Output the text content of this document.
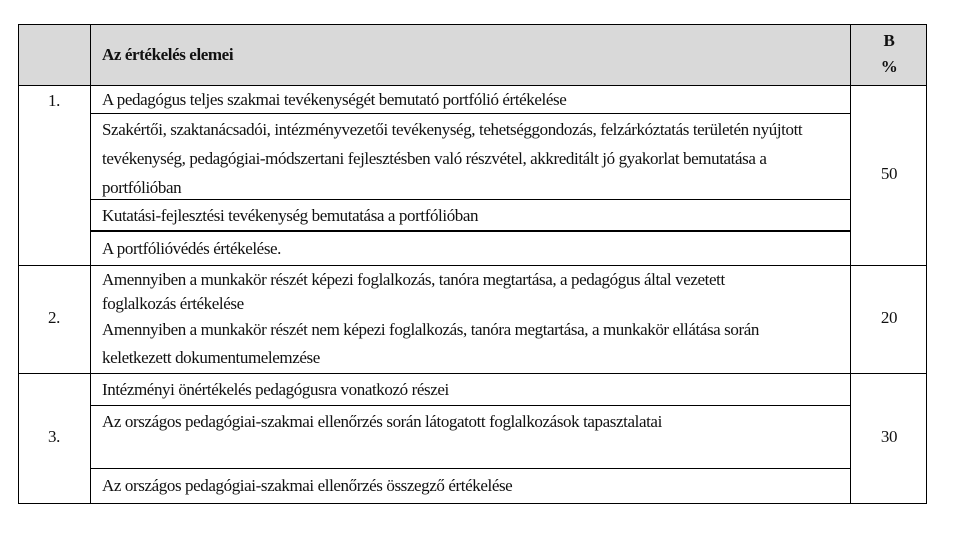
Az értékelés elemei
B
%
1.	A pedagógus teljes szakmai tevékenységét bemutató portfólió értékelése
Szakértői, szaktanácsadói, intézményvezetői tevékenység, tehetséggondozás, felzárkóztatás területén nyújtott tevékenység, pedagógiai-módszertani fejlesztésben való részvétel, akkreditált jó gyakorlat bemutatása a portfólióban
Kutatási-fejlesztési tevékenység bemutatása a portfólióban
A portfólióvédés értékelése.
50
2.
Amennyiben a munkakör részét képezi foglalkozás, tanóra megtartása, a pedagógus által vezetett foglalkozás értékelése
Amennyiben a munkakör részét nem képezi foglalkozás, tanóra megtartása, a munkakör ellátása során keletkezett dokumentumelemzése
20
3.
Intézményi önértékelés pedagógusra vonatkozó részei
Az országos pedagógiai-szakmai ellenőrzés során látogatott foglalkozások tapasztalatai
Az országos pedagógiai-szakmai ellenőrzés összegző értékelése
30
